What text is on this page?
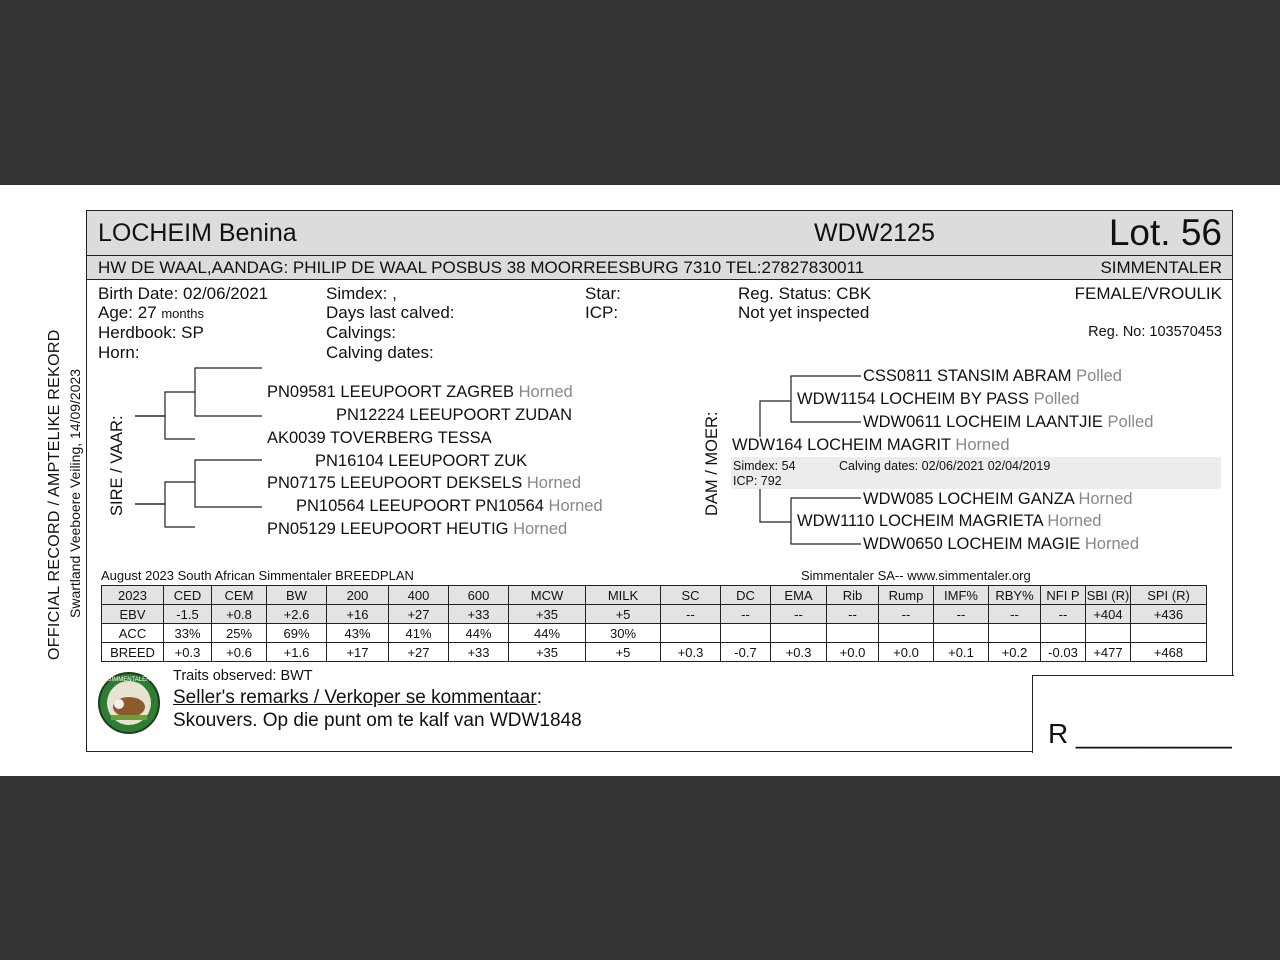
OFFICIAL RECORD / AMPTELIKE REKORD Swartland Veeboere Veiling, 14/09/2023
LOCHEIM Benina	WDW2125	Lot. 56
HW DE WAAL,AANDAG: PHILIP DE WAAL POSBUS 38 MOORREESBURG 7310 TEL:27827830011	SIMMENTALER
Birth Date: 02/06/2021
Age: 27 months
Herdbook: SP
Horn:
Simdex: ,
Days last calved:
Calvings:
Calving dates:
Star:
ICP:
Reg. Status: CBK
Not yet inspected
FEMALE/VROULIK
Reg. No: 103570453
SIRE / VAAR:	DAM / MOER:
PN09581 LEEUPOORT ZAGREB Horned
PN12224 LEEUPOORT ZUDAN
AK0039 TOVERBERG TESSA
PN16104 LEEUPOORT ZUK
PN07175 LEEUPOORT DEKSELS Horned
PN10564 LEEUPOORT PN10564 Horned
PN05129 LEEUPOORT HEUTIG Horned
Simdex: 54	Calving dates: 02/06/2021 02/04/2019
ICP: 792
CSS0811 STANSIM ABRAM Polled
WDW1154 LOCHEIM BY PASS Polled
WDW0611 LOCHEIM LAANTJIE Polled
WDW164 LOCHEIM MAGRIT Horned
WDW085 LOCHEIM GANZA Horned
WDW1110 LOCHEIM MAGRIETA Horned
WDW0650 LOCHEIM MAGIE Horned
August 2023 South African Simmentaler BREEDPLAN	Simmentaler SA-- www.simmentaler.org
2023	CED	CEM	BW	200	400	600	MCW	MILK	SC	DC	EMA	Rib	Rump	IMF%	RBY%	NFI P	SBI (R)	SPI (R)
EBV	-1.5	+0.8	+2.6	+16	+27	+33	+35	+5	--	--	--	--	--	--	--	--	+404	+436
ACC	33%	25%	69%	43%	41%	44%	44%	30%										
BREED	+0.3	+0.6	+1.6	+17	+27	+33	+35	+5	+0.3	-0.7	+0.3	+0.0	+0.0	+0.1	+0.2	-0.03	+477	+468
SIMMENTALER Traits observed: BWT
Seller's remarks / Verkoper se kommentaar:
Skouvers. Op die punt om te kalf van WDW1848	R __________
